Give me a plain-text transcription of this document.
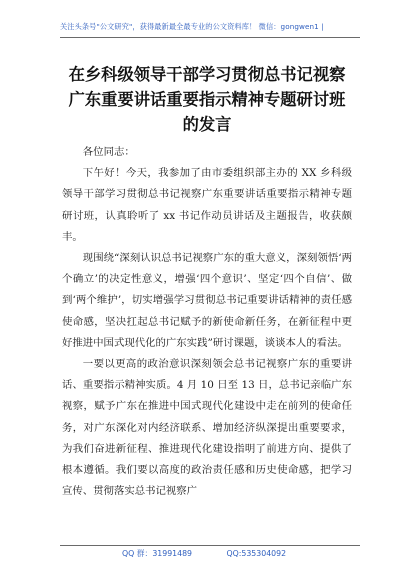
关注头条号"公文研究"，获得最新最全最专业的公文资料库！ 微信：gongwen1 |
在乡科级领导干部学习贯彻总书记视察广东重要讲话重要指示精神专题研讨班的发言

各位同志：

下午好！今天，我参加了由市委组织部主办的 XX 乡科级领导干部学习贯彻总书记视察广东重要讲话重要指示精神专题研讨班，认真聆听了 xx 书记作动员讲话及主题报告，收获颇丰。

现围绕“深刻认识总书记视察广东的重大意义，深刻领悟‘两个确立’的决定性意义，增强‘四个意识’、坚定‘四个自信’、做到‘两个维护’，切实增强学习贯彻总书记重要讲话精神的责任感使命感，坚决扛起总书记赋予的新使命新任务，在新征程中更好推进中国式现代化的广东实践”研讨课题，谈谈本人的看法。

一要以更高的政治意识深刻领会总书记视察广东的重要讲话、重要指示精神实质。4 月 10 日至 13 日，总书记亲临广东视察，赋予广东在推进中国式现代化建设中走在前列的使命任务，对广东深化对内经济联系、增加经济纵深提出重要要求，为我们奋进新征程、推进现代化建设指明了前进方向、提供了根本遵循。我们要以高度的政治责任感和历史使命感，把学习宣传、贯彻落实总书记视察广

QQ 群：31991489	QQ:535304092
